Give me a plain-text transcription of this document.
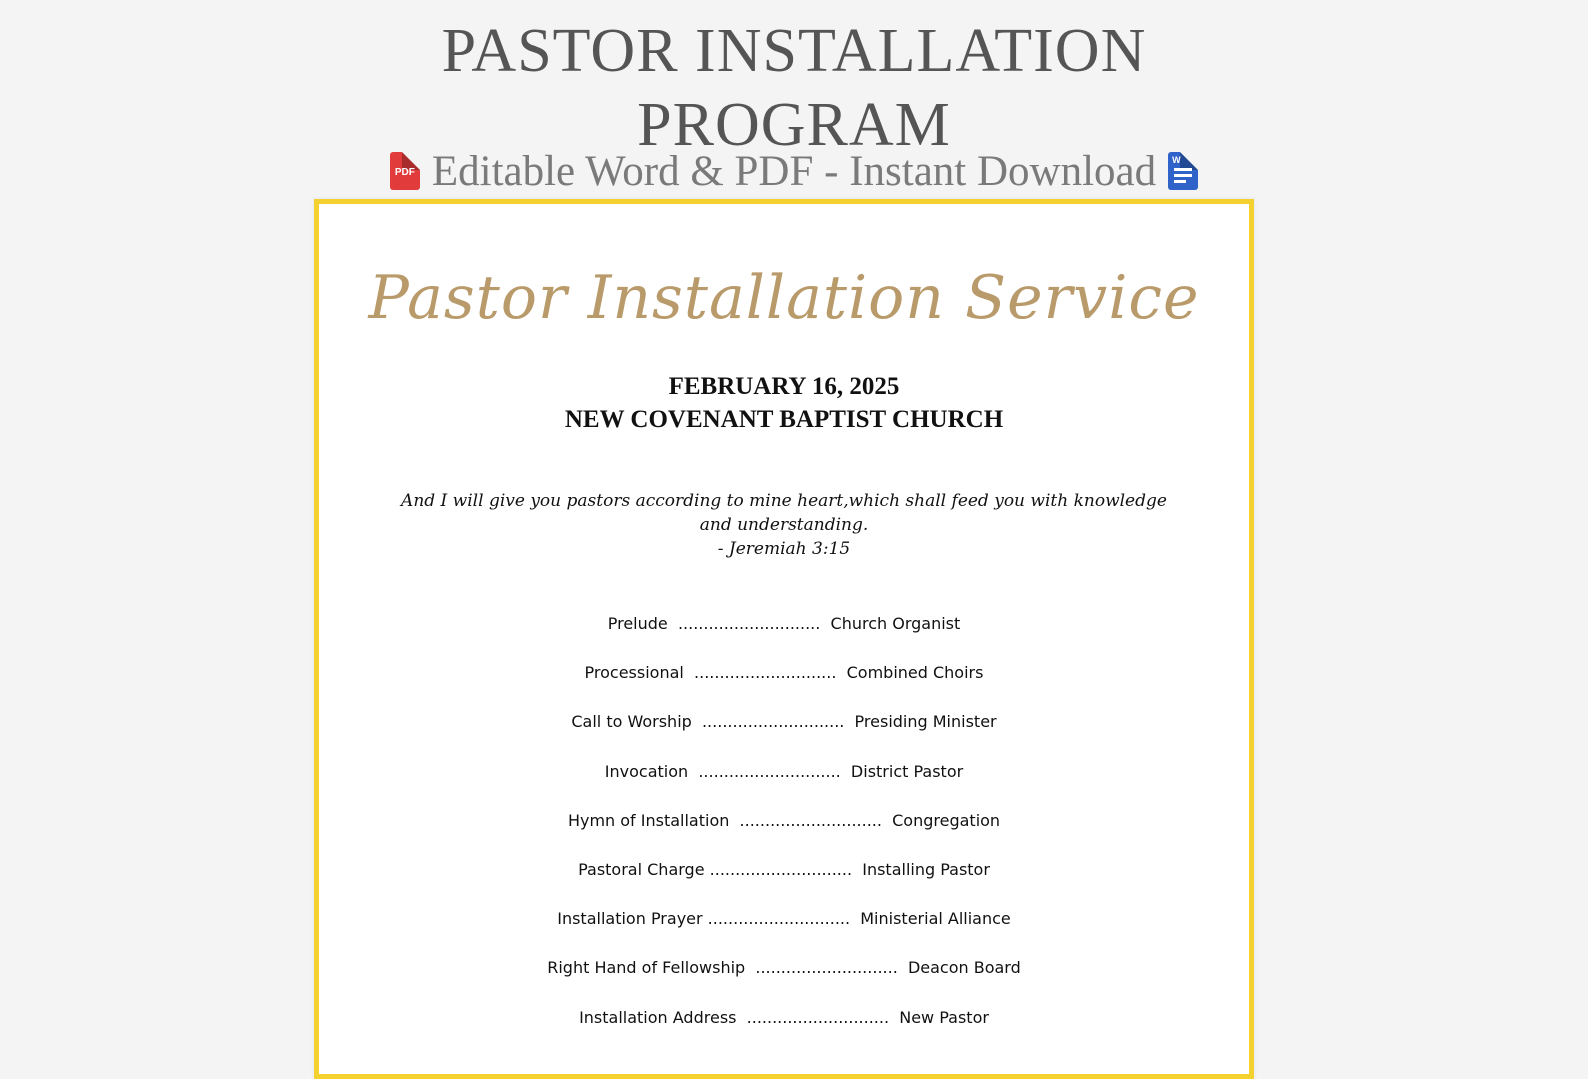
PASTOR INSTALLATION
PROGRAM
PDF Editable Word & PDF - Instant Download W
Pastor Installation Service
FEBRUARY 16, 2025
NEW COVENANT BAPTIST CHURCH
And I will give you pastors according to mine heart,which shall feed you with knowledge and understanding.
- Jeremiah 3:15
Prelude ............................ Church Organist
Processional ............................ Combined Choirs
Call to Worship ............................ Presiding Minister
Invocation ............................ District Pastor
Hymn of Installation ............................ Congregation
Pastoral Charge ............................ Installing Pastor
Installation Prayer ............................ Ministerial Alliance
Right Hand of Fellowship ............................ Deacon Board
Installation Address ............................ New Pastor
